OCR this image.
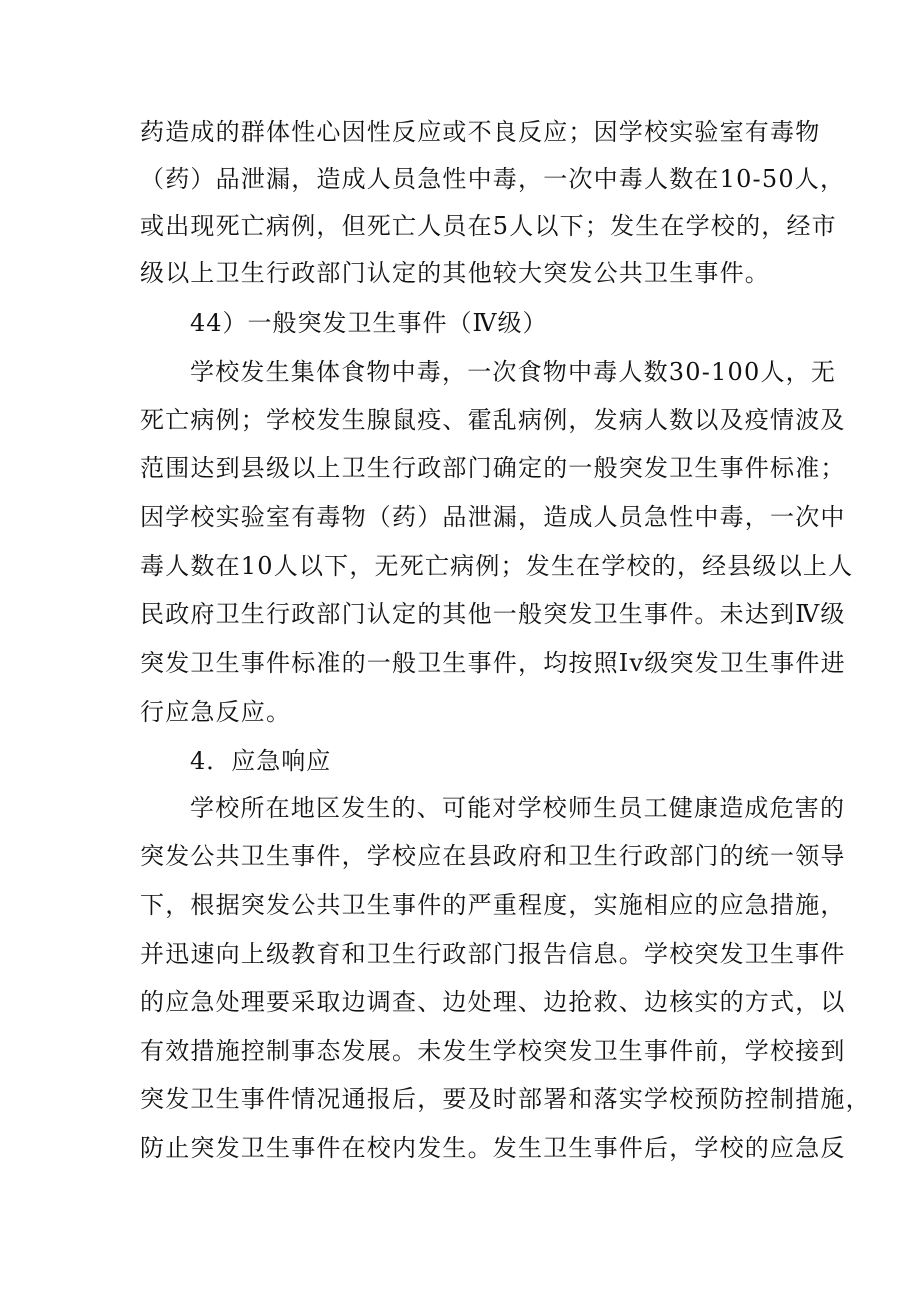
药造成的群体性心因性反应或不良反应；因学校实验室有毒物
（药）品泄漏，造成人员急性中毒，一次中毒人数在10-50人，
或出现死亡病例，但死亡人员在5人以下；发生在学校的，经市
级以上卫生行政部门认定的其他较大突发公共卫生事件。
44）一般突发卫生事件（Ⅳ级）
学校发生集体食物中毒，一次食物中毒人数30-100人，无
死亡病例；学校发生腺鼠疫、霍乱病例，发病人数以及疫情波及
范围达到县级以上卫生行政部门确定的一般突发卫生事件标准；
因学校实验室有毒物（药）品泄漏，造成人员急性中毒，一次中
毒人数在10人以下，无死亡病例；发生在学校的，经县级以上人
民政府卫生行政部门认定的其他一般突发卫生事件。未达到Ⅳ级
突发卫生事件标准的一般卫生事件，均按照Iv级突发卫生事件进
行应急反应。
4．应急响应
学校所在地区发生的、可能对学校师生员工健康造成危害的
突发公共卫生事件，学校应在县政府和卫生行政部门的统一领导
下，根据突发公共卫生事件的严重程度，实施相应的应急措施，
并迅速向上级教育和卫生行政部门报告信息。学校突发卫生事件
的应急处理要采取边调查、边处理、边抢救、边核实的方式，以
有效措施控制事态发展。未发生学校突发卫生事件前，学校接到
突发卫生事件情况通报后，要及时部署和落实学校预防控制措施，
防止突发卫生事件在校内发生。发生卫生事件后，学校的应急反
